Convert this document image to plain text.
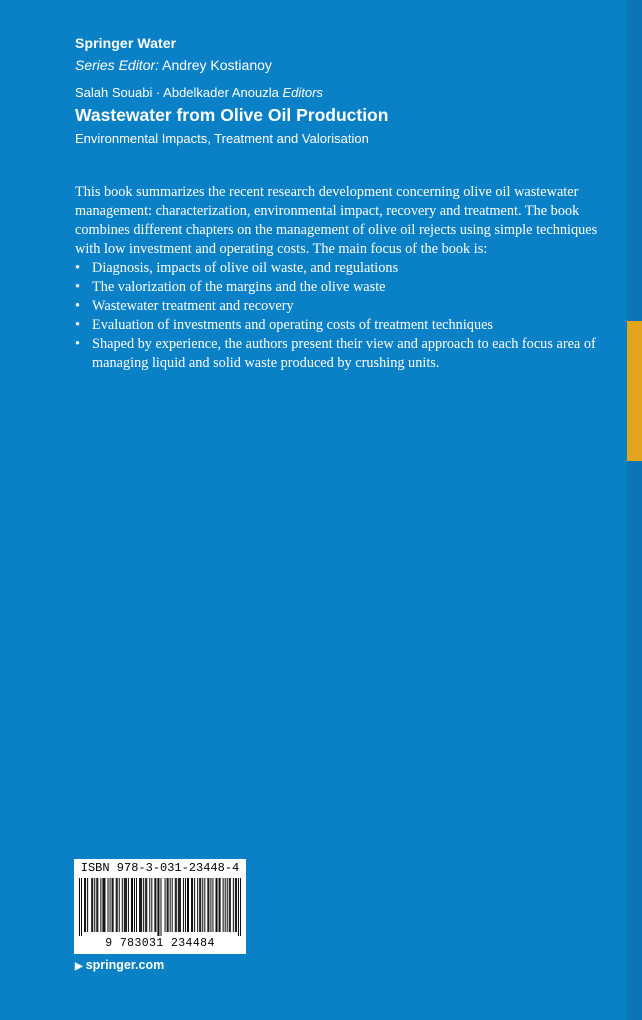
Springer Water
Series Editor: Andrey Kostianoy
Salah Souabi · Abdelkader Anouzla Editors
Wastewater from Olive Oil Production
Environmental Impacts, Treatment and Valorisation

This book summarizes the recent research development concerning olive oil wastewater management: characterization, environmental impact, recovery and treatment. The book combines different chapters on the management of olive oil rejects using simple techniques with low investment and operating costs. The main focus of the book is:

• Diagnosis, impacts of olive oil waste, and regulations
• The valorization of the margins and the olive waste
• Wastewater treatment and recovery
• Evaluation of investments and operating costs of treatment techniques
• Shaped by experience, the authors present their view and approach to each focus area of managing liquid and solid waste produced by crushing units.
ISBN 978-3-031-23448-4
9 783031 234484
▶ springer.com
